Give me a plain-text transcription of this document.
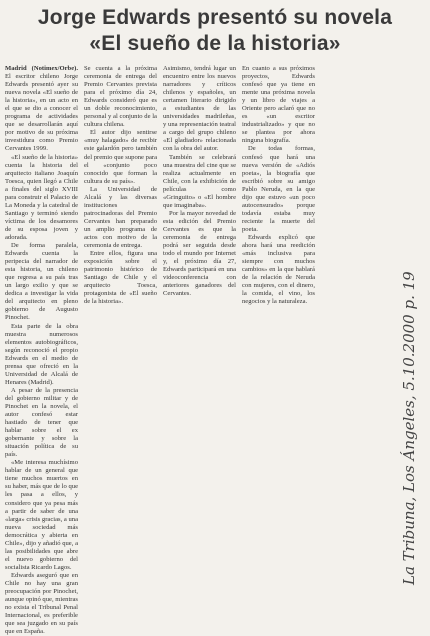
Jorge Edwards presentó su novela
«El sueño de la historia»

Madrid (Notimex/Orbe). El escritor chileno Jorge Edwards presentó ayer su nueva novela «El sueño de la historia», en un acto en el que se dio a conocer el programa de actividades que se desarrollarán aquí por motivo de su próxima investidura como Premio Cervantes 1999.

«El sueño de la historia» cuenta la historia del arquitecto italiano Joaquín Toesca, quien llegó a Chile a finales del siglo XVIII para construir el Palacio de La Moneda y la catedral de Santiago y terminó siendo víctima de los desamores de su esposa joven y adorada.

De forma paralela, Edwards cuenta la peripecia del narrador de esta historia, un chileno que regresa a su país tras un largo exilio y que se dedica a investigar la vida del arquitecto en pleno gobierno de Augusto Pinochet.

Esta parte de la obra muestra numerosos elementos autobiográficos, según reconoció el propio Edwards en el medio de prensa que ofreció en la Universidad de Alcalá de Henares (Madrid).

A pesar de la presencia del gobierno militar y de Pinochet en la novela, el autor confesó estar hastiado de tener que hablar sobre el ex gobernante y sobre la situación política de su país.

«Me interesa muchísimo hablar de un general que tiene muchos muertos en su haber, más que de lo que les pasa a ellos, y considero que ya pesa más a partir de saber de una «larga» crisis gracias, a una nueva sociedad más democrática y abierta en Chile», dijo y añadió que, a las posibilidades que abre el nuevo gobierno del socialista Ricardo Lagos.

Edwards aseguró que en Chile no hay una gran preocupación por Pinochet, aunque opinó que, mientras no exista el Tribunal Penal Internacional, es preferible que sea juzgado en su país que en España.

Se cuenta a la próxima ceremonia de entrega del Premio Cervantes prevista para el próximo día 24, Edwards consideró que es un doble reconocimiento, personal y al conjunto de la cultura chilena.

El autor dijo sentirse «muy halagado» de recibir este galardón pero también del premio que supone para el «conjunto poco conocido que forman la cultura de su país».

La Universidad de Alcalá y las diversas instituciones patrocinadoras del Premio Cervantes han preparado un amplio programa de actos con motivo de la ceremonia de entrega.

Entre ellos, figura una exposición sobre el patrimonio histórico de Santiago de Chile y el arquitecto Toesca, protagonista de «El sueño de la historia».

Asimismo, tendrá lugar un encuentro entre los nuevos narradores y críticos chilenos y españoles, un certamen literario dirigido a estudiantes de las universidades madrileñas, y una representación teatral a cargo del grupo chileno «El gladiador» relacionada con la obra del autor.

También se celebrará una muestra del cine que se realiza actualmente en Chile, con la exhibición de películas como «Gringuito» o «El hombre que imaginaba».

Por la mayor novedad de esta edición del Premio Cervantes es que la ceremonia de entrega podrá ser seguida desde todo el mundo por Internet y, el próximo día 27, Edwards participará en una videoconferencia con anteriores ganadores del Cervantes.

En cuanto a sus próximos proyectos, Edwards confesó que ya tiene en mente una próxima novela y un libro de viajes a Oriente pero aclaró que no es «un escritor industrializado» y que no se plantea por ahora ninguna biografía.

De todas formas, confesó que hará una nueva versión de «Adiós poeta», la biografía que escribió sobre su amigo Pablo Neruda, en la que dijo que estuvo «un poco autocensurado» porque todavía estaba muy reciente la muerte del poeta.

Edwards explicó que ahora hará una reedición «más inclusiva para siempre con muchos cambios» en la que hablará de la relación de Neruda con mujeres, con el dinero, la comida, el vino, los negocios y la naturaleza.	La Tribuna, Los Ángeles, 5.10.2000 p. 19
